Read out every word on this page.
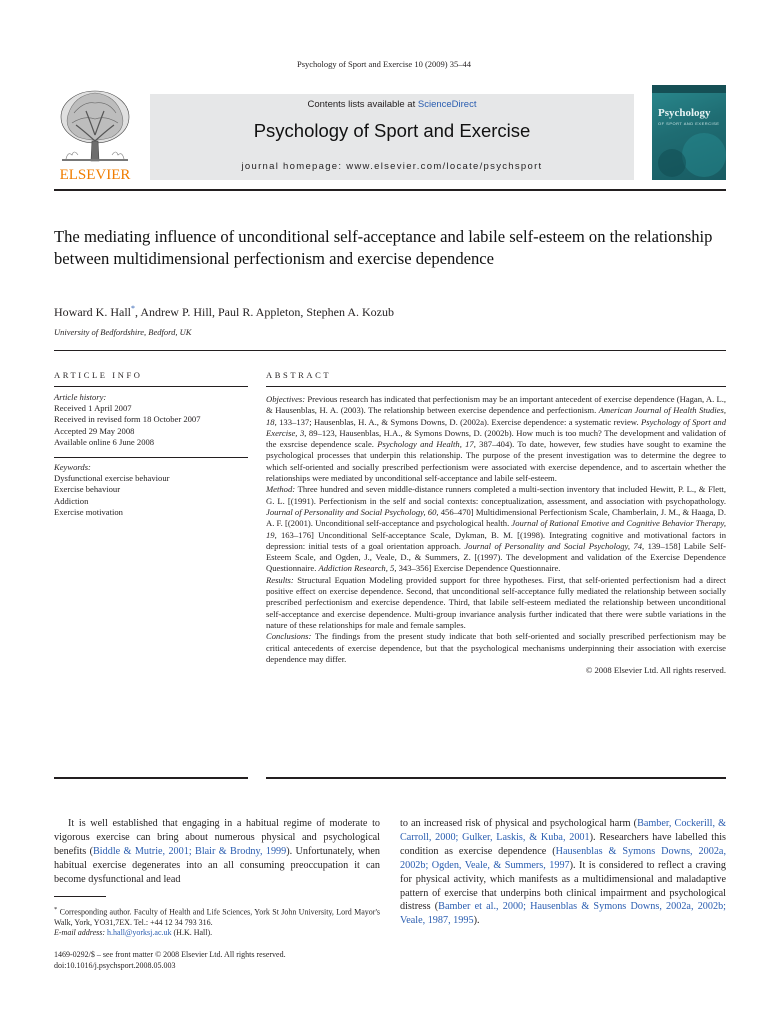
Psychology of Sport and Exercise 10 (2009) 35–44
ELSEVIER
Contents lists available at ScienceDirect
Psychology of Sport and Exercise
journal homepage: www.elsevier.com/locate/psychsport
Psychology
OF SPORT AND EXERCISE
The mediating influence of unconditional self-acceptance and labile self-esteem on the relationship between multidimensional perfectionism and exercise dependence
Howard K. Hall*, Andrew P. Hill, Paul R. Appleton, Stephen A. Kozub
University of Bedfordshire, Bedford, UK
ARTICLE INFO	ABSTRACT
Article history:
Received 1 April 2007
Received in revised form 18 October 2007
Accepted 29 May 2008
Available online 6 June 2008
Keywords:
Dysfunctional exercise behaviour
Exercise behaviour
Addiction
Exercise motivation

Objectives: Previous research has indicated that perfectionism may be an important antecedent of exercise dependence (Hagan, A. L., & Hausenblas, H. A. (2003). The relationship between exercise dependence and perfectionism. American Journal of Health Studies, 18, 133–137; Hausenblas, H. A., & Symons Downs, D. (2002a). Exercise dependence: a systematic review. Psychology of Sport and Exercise, 3, 89–123, Hausenblas, H.A., & Symons Downs, D. (2002b). How much is too much? The development and validation of the exsrcise dependence scale. Psychology and Health, 17, 387–404). To date, however, few studies have sought to examine the psychological processes that underpin this relationship. The purpose of the present investigation was to determine the degree to which self-oriented and socially prescribed perfectionism were associated with exercise dependence, and to ascertain whether the relationships were mediated by unconditional self-acceptance and labile self-esteem.

Method: Three hundred and seven middle-distance runners completed a multi-section inventory that included Hewitt, P. L., & Flett, G. L. [(1991). Perfectionism in the self and social contexts: conceptualization, assessment, and association with psychopathology. Journal of Personality and Social Psychology, 60, 456–470] Multidimensional Perfectionism Scale, Chamberlain, J. M., & Haaga, D. A. F. [(2001). Unconditional self-acceptance and psychological health. Journal of Rational Emotive and Cognitive Behavior Therapy, 19, 163–176] Unconditional Self-acceptance Scale, Dykman, B. M. [(1998). Integrating cognitive and motivational factors in depression: initial tests of a goal orientation approach. Journal of Personality and Social Psychology, 74, 139–158] Labile Self-Esteem Scale, and Ogden, J., Veale, D., & Summers, Z. [(1997). The development and validation of the Exercise Dependence Questionnaire. Addiction Research, 5, 343–356] Exercise Dependence Questionnaire.

Results: Structural Equation Modeling provided support for three hypotheses. First, that self-oriented perfectionism had a direct positive effect on exercise dependence. Second, that unconditional self-acceptance fully mediated the relationship between socially prescribed perfectionism and exercise dependence. Third, that labile self-esteem mediated the relationship between unconditional self-acceptance and exercise dependence. Multi-group invariance analysis further indicated that there were subtle variations in the nature of these relationships for male and female samples.

Conclusions: The findings from the present study indicate that both self-oriented and socially prescribed perfectionism may be critical antecedents of exercise dependence, but that the psychological mechanisms underpinning their association with exercise dependence may differ.

© 2008 Elsevier Ltd. All rights reserved.

It is well established that engaging in a habitual regime of moderate to vigorous exercise can bring about numerous physical and psychological benefits (Biddle & Mutrie, 2001; Blair & Brodny, 1999). Unfortunately, when habitual exercise degenerates into an all consuming preoccupation it can become dysfunctional and lead
to an increased risk of physical and psychological harm (Bamber, Cockerill, & Carroll, 2000; Gulker, Laskis, & Kuba, 2001). Researchers have labelled this condition as exercise dependence (Hausenblas & Symons Downs, 2002a, 2002b; Ogden, Veale, & Summers, 1997). It is considered to reflect a craving for physical activity, which manifests as a multidimensional and maladaptive pattern of exercise that underpins both clinical impairment and psychological distress (Bamber et al., 2000; Hausenblas & Symons Downs, 2002a, 2002b; Veale, 1987, 1995).
* Corresponding author. Faculty of Health and Life Sciences, York St John University, Lord Mayor's Walk, York, YO31,7EX. Tel.: +44 12 34 793 316.
E-mail address: h.hall@yorksj.ac.uk (H.K. Hall).
1469-0292/$ – see front matter © 2008 Elsevier Ltd. All rights reserved.
doi:10.1016/j.psychsport.2008.05.003
